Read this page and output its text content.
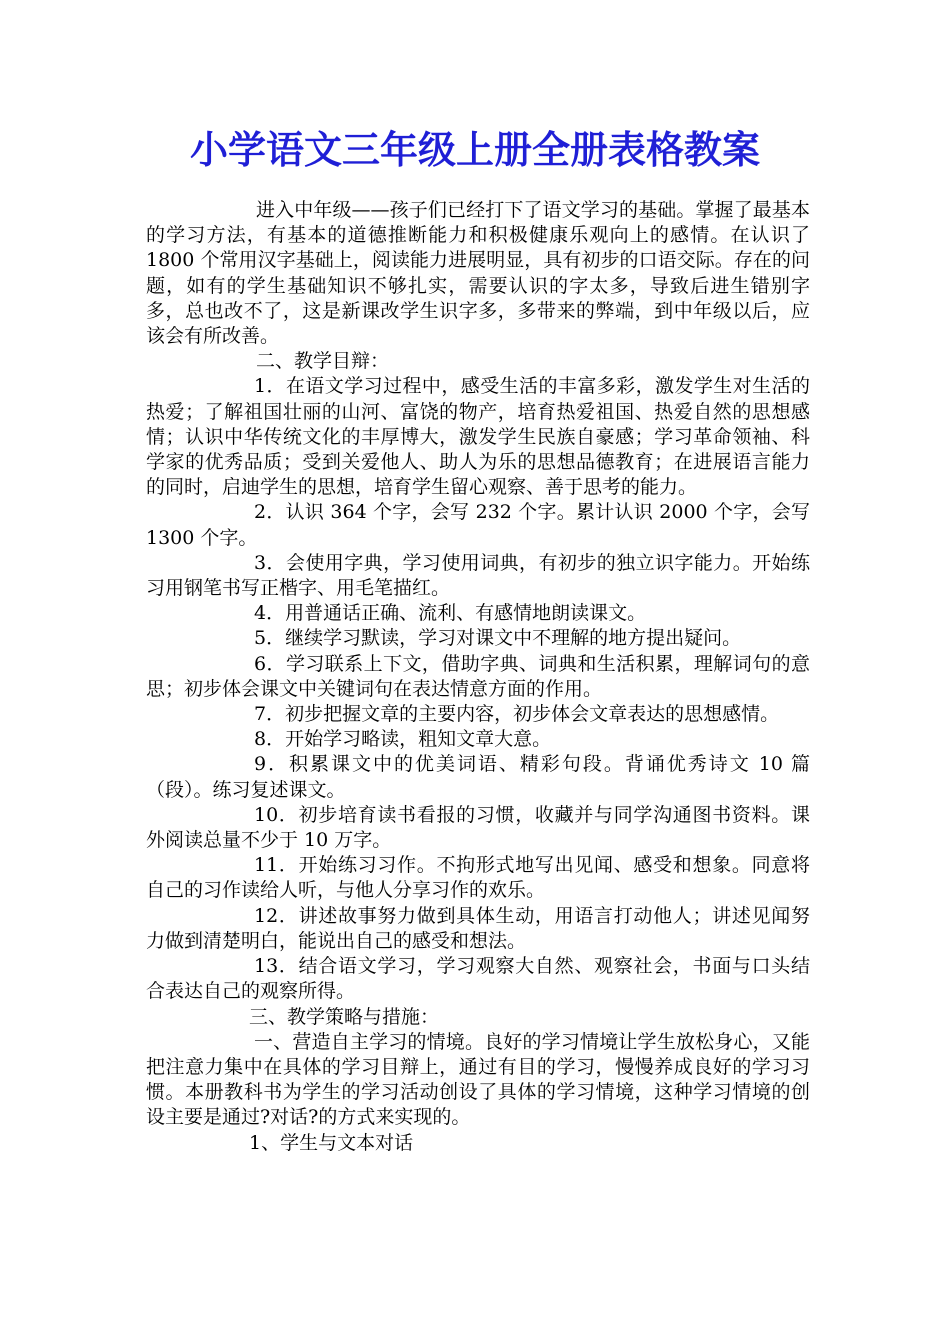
小学语文三年级上册全册表格教案

进入中年级——孩子们已经打下了语文学习的基础。掌握了最基本的学习方法，有基本的道德推断能力和积极健康乐观向上的感情。在认识了 1800 个常用汉字基础上，阅读能力进展明显，具有初步的口语交际。存在的问题，如有的学生基础知识不够扎实，需要认识的字太多，导致后进生错别字多，总也改不了，这是新课改学生识字多，多带来的弊端，到中年级以后，应该会有所改善。

二、教学目辩：

1．在语文学习过程中，感受生活的丰富多彩，激发学生对生活的热爱；了解祖国壮丽的山河、富饶的物产，培育热爱祖国、热爱自然的思想感情；认识中华传统文化的丰厚博大，激发学生民族自豪感；学习革命领袖、科学家的优秀品质；受到关爱他人、助人为乐的思想品德教育；在进展语言能力的同时，启迪学生的思想，培育学生留心观察、善于思考的能力。

2．认识 364 个字，会写 232 个字。累计认识 2000 个字，会写 1300 个字。

3．会使用字典，学习使用词典，有初步的独立识字能力。开始练习用钢笔书写正楷字、用毛笔描红。

4．用普通话正确、流利、有感情地朗读课文。

5．继续学习默读，学习对课文中不理解的地方提出疑问。

6．学习联系上下文，借助字典、词典和生活积累，理解词句的意思；初步体会课文中关键词句在表达情意方面的作用。

7．初步把握文章的主要内容，初步体会文章表达的思想感情。

8．开始学习略读，粗知文章大意。

9．积累课文中的优美词语、精彩句段。背诵优秀诗文 10 篇（段）。练习复述课文。

10．初步培育读书看报的习惯，收藏并与同学沟通图书资料。课外阅读总量不少于 10 万字。

11．开始练习习作。不拘形式地写出见闻、感受和想象。同意将自己的习作读给人听，与他人分享习作的欢乐。

12．讲述故事努力做到具体生动，用语言打动他人；讲述见闻努力做到清楚明白，能说出自己的感受和想法。

13．结合语文学习，学习观察大自然、观察社会，书面与口头结合表达自己的观察所得。

三、教学策略与措施：

一、营造自主学习的情境。良好的学习情境让学生放松身心，又能把注意力集中在具体的学习目辩上，通过有目的学习，慢慢养成良好的学习习惯。本册教科书为学生的学习活动创设了具体的学习情境，这种学习情境的创设主要是通过?对话?的方式来实现的。

1、学生与文本对话
